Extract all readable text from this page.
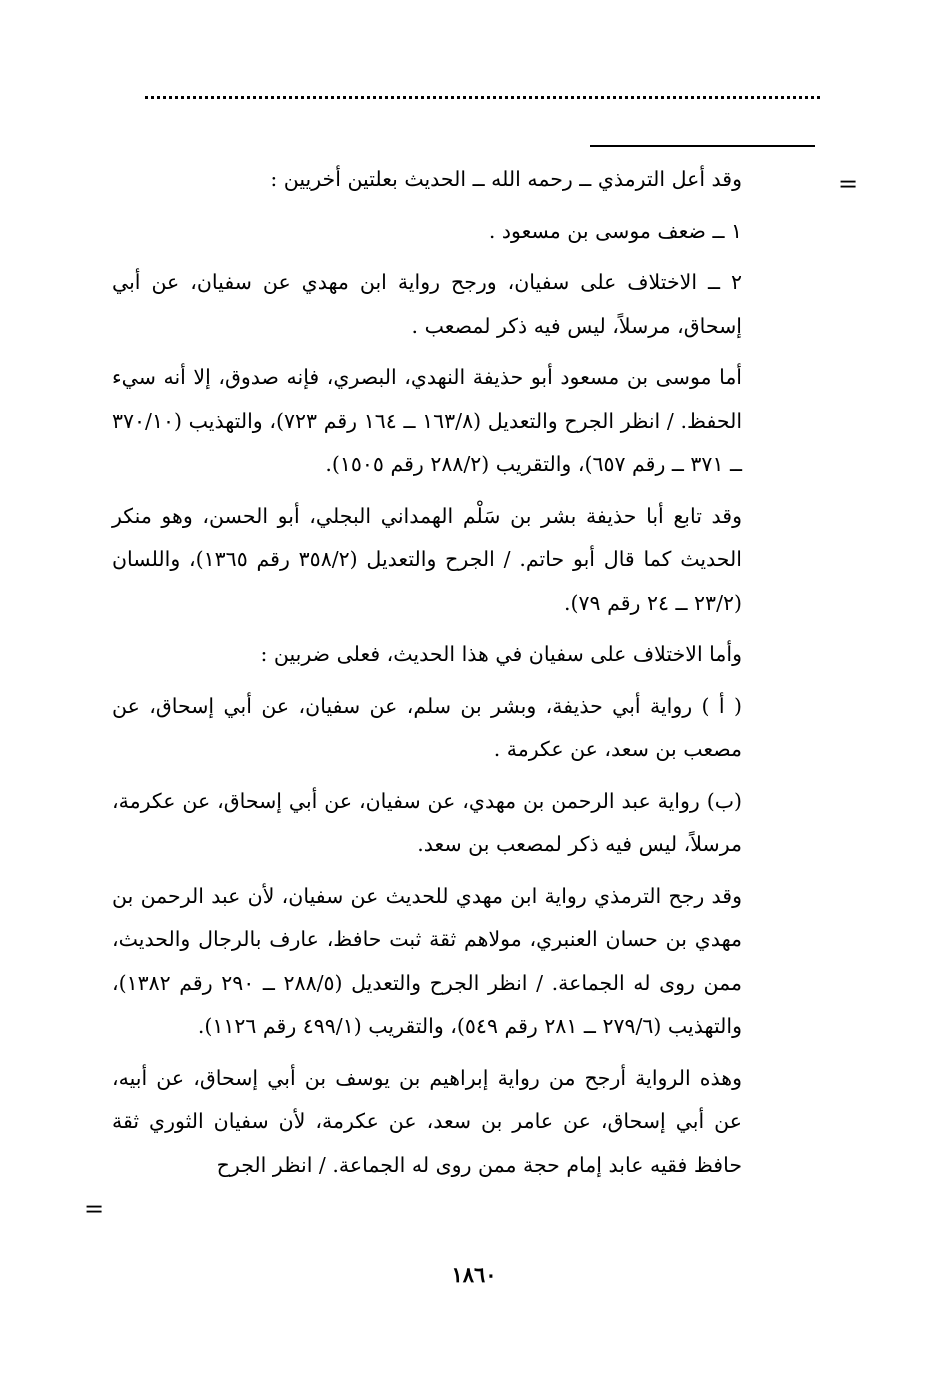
=

وقد أعل الترمذي ــ رحمه الله ــ الحديث بعلتين أخريين :

١ ــ ضعف موسى بن مسعود .

٢ ــ الاختلاف على سفيان، ورجح رواية ابن مهدي عن سفيان، عن أبي إسحاق، مرسلاً، ليس فيه ذكر لمصعب .

أما موسى بن مسعود أبو حذيفة النهدي، البصري، فإنه صدوق، إلا أنه سيء الحفظ. / انظر الجرح والتعديل (١٦٣/٨ ــ ١٦٤ رقم ٧٢٣)، والتهذيب (٣٧٠/١٠ ــ ٣٧١ ــ رقم ٦٥٧)، والتقريب (٢٨٨/٢ رقم ١٥٠٥).

وقد تابع أبا حذيفة بشر بن سَلْم الهمداني البجلي، أبو الحسن، وهو منكر الحديث كما قال أبو حاتم. / الجرح والتعديل (٣٥٨/٢ رقم ١٣٦٥)، واللسان (٢٣/٢ ــ ٢٤ رقم ٧٩).

وأما الاختلاف على سفيان في هذا الحديث، فعلى ضربين :

( أ ) رواية أبي حذيفة، وبشر بن سلم، عن سفيان، عن أبي إسحاق، عن مصعب بن سعد، عن عكرمة .

(ب) رواية عبد الرحمن بن مهدي، عن سفيان، عن أبي إسحاق، عن عكرمة، مرسلاً، ليس فيه ذكر لمصعب بن سعد.

وقد رجح الترمذي رواية ابن مهدي للحديث عن سفيان، لأن عبد الرحمن بن مهدي بن حسان العنبري، مولاهم ثقة ثبت حافظ، عارف بالرجال والحديث، ممن روى له الجماعة. / انظر الجرح والتعديل (٢٨٨/٥ ــ ٢٩٠ رقم ١٣٨٢)، والتهذيب (٢٧٩/٦ ــ ٢٨١ رقم ٥٤٩)، والتقريب (٤٩٩/١ رقم ١١٢٦).

وهذه الرواية أرجح من رواية إبراهيم بن يوسف بن أبي إسحاق، عن أبيه، عن أبي إسحاق، عن عامر بن سعد، عن عكرمة، لأن سفيان الثوري ثقة حافظ فقيه عابد إمام حجة ممن روى له الجماعة. / انظر الجرح

=
١٨٦٠
